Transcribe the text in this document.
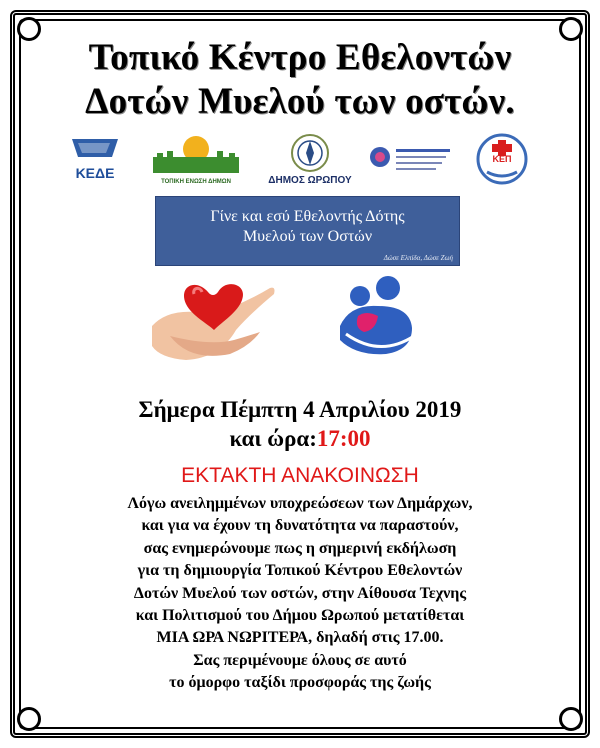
Τοπικό Κέντρο Εθελοντών
Δοτών Μυελού των οστών.
ΚΕΔΕ
ΤΟΠΙΚΗ ΕΝΩΣΗ ΔΗΜΩΝ	ΔΗΜΟΣ ΩΡΩΠΟΥ
ΚΕΠ
Γίνε και εσύ Εθελοντής Δότης
Μυελού των Οστών
Δώσε Ελπίδα, Δώσε Ζωή
Σήμερα Πέμπτη 4 Απριλίου 2019
και ώρα:17:00
ΕΚΤΑΚΤΗ ΑΝΑΚΟΙΝΩΣΗ
Λόγω ανειλημμένων υποχρεώσεων των Δημάρχων,
και για να έχουν τη δυνατότητα να παραστούν,
σας ενημερώνουμε πως η σημερινή εκδήλωση
για τη δημιουργία Τοπικού Κέντρου Εθελοντών
Δοτών Μυελού των οστών, στην Αίθουσα Τεχνης
και Πολιτισμού του Δήμου Ωρωπού μετατίθεται
ΜΙΑ ΩΡΑ ΝΩΡΙΤΕΡΑ, δηλαδή στις 17.00.
Σας περιμένουμε όλους σε αυτό
το όμορφο ταξίδι προσφοράς της ζωής
